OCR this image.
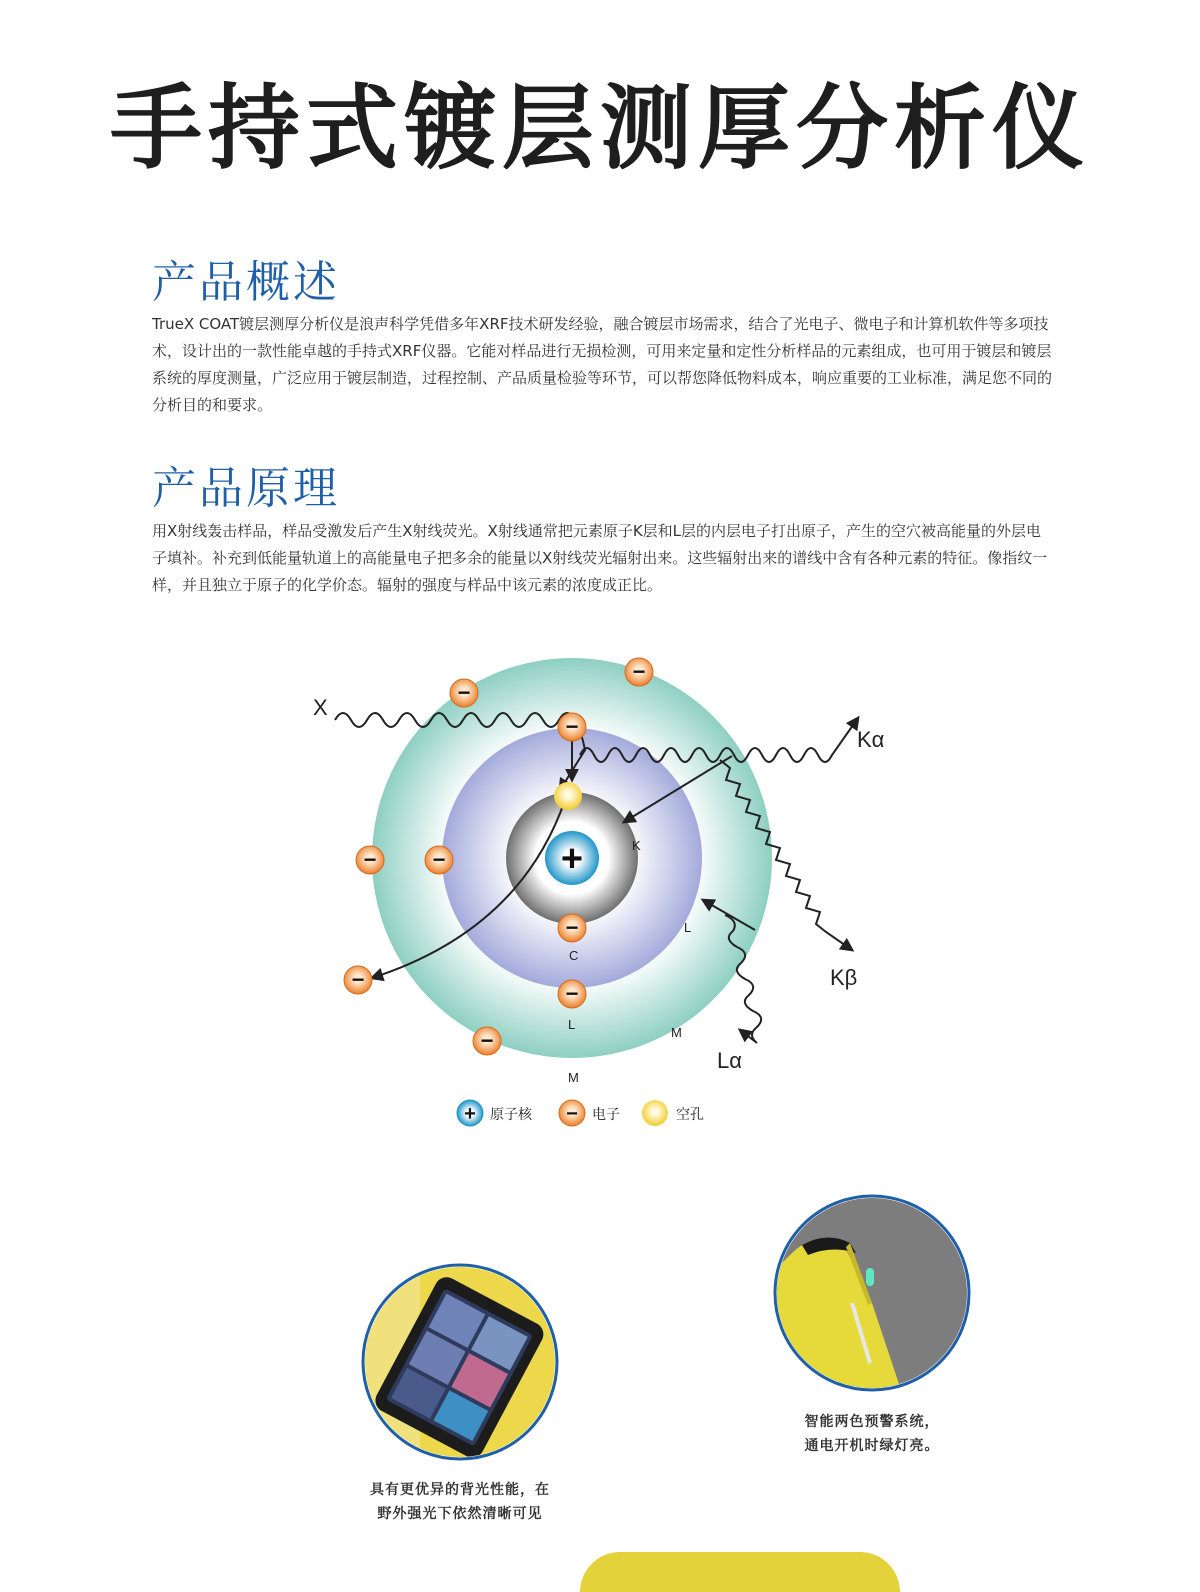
手持式镀层测厚分析仪
产品概述
TrueX COAT镀层测厚分析仪是浪声科学凭借多年XRF技术研发经验，融合镀层市场需求，结合了光电子、微电子和计算机软件等多项技术，设计出的一款性能卓越的手持式XRF仪器。它能对样品进行无损检测，可用来定量和定性分析样品的元素组成，也可用于镀层和镀层系统的厚度测量，广泛应用于镀层制造，过程控制、产品质量检验等环节，可以帮您降低物料成本，响应重要的工业标准，满足您不同的分析目的和要求。
产品原理
用X射线轰击样品，样品受激发后产生X射线荧光。X射线通常把元素原子K层和L层的内层电子打出原子，产生的空穴被高能量的外层电子填补。补充到低能量轨道上的高能量电子把多余的能量以X射线荧光辐射出来。这些辐射出来的谱线中含有各种元素的特征。像指纹一样，并且独立于原子的化学价态。辐射的强度与样品中该元素的浓度成正比。
+
−
−
−
−	−
−
−
−
−
X
Kα
Kβ
Lα
K
C
L
L
M
M
+ 原子核 − 电子	空孔
具有更优异的背光性能，在
野外强光下依然清晰可见
智能两色预警系统，
通电开机时绿灯亮。
